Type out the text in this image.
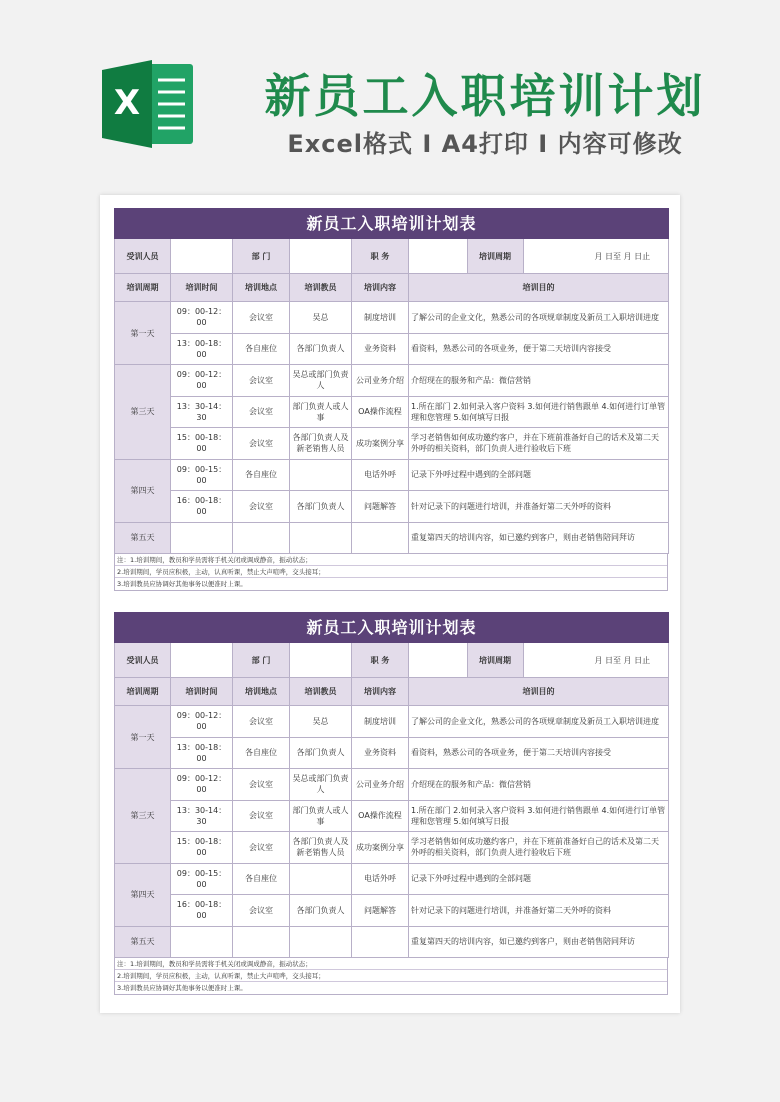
X	新员工入职培训计划
Excel格式 I A4打印 I 内容可修改
新员工入职培训计划表
受训人员		部 门		职 务	
		培训周期	月 日至 月 日止

培训周期	培训时间	培训地点	培训教员	培训内容	培训目的
第一天	09：00-12：00	会议室	吴总	制度培训	了解公司的企业文化，熟悉公司的各项规章制度及新员工入职培训进度
13：00-18：00	各自座位	各部门负责人	业务资料	看资料，熟悉公司的各项业务，便于第二天培训内容接受
第三天	09：00-12：00	会议室	吴总或部门负责人	公司业务介绍	介绍现在的服务和产品：微信营销
13：30-14：30	会议室	部门负责人或人事	OA操作流程	1.所在部门 2.如何录入客户资料 3.如何进行销售跟单 4.如何进行订单管理和您管理 5.如何填写日报
15：00-18：00	会议室	各部门负责人及新老销售人员	成功案例分享	学习老销售如何成功邀约客户，并在下班前准备好自己的话术及第二天外呼的相关资料，部门负责人进行验收后下班
第四天	09：00-15：00	各自座位		电话外呼	记录下外呼过程中遇到的全部问题
16：00-18：00	会议室	各部门负责人	问题解答	针对记录下的问题进行培训，并准备好第二天外呼的资料
第五天					重复第四天的培训内容，如已邀约到客户，则由老销售陪同拜访
注：1.培训期间，教员和学员需将手机关闭或调成静音，振动状态；
2.培训期间，学员应积极，主动，认真听课，禁止大声喧哗，交头接耳；
3.培训教员应协调好其他事务以便准时上课。
新员工入职培训计划表
受训人员		部 门		职 务	
		培训周期	月 日至 月 日止

培训周期	培训时间	培训地点	培训教员	培训内容	培训目的
第一天	09：00-12：00	会议室	吴总	制度培训	了解公司的企业文化，熟悉公司的各项规章制度及新员工入职培训进度
13：00-18：00	各自座位	各部门负责人	业务资料	看资料，熟悉公司的各项业务，便于第二天培训内容接受
第三天	09：00-12：00	会议室	吴总或部门负责人	公司业务介绍	介绍现在的服务和产品：微信营销
13：30-14：30	会议室	部门负责人或人事	OA操作流程	1.所在部门 2.如何录入客户资料 3.如何进行销售跟单 4.如何进行订单管理和您管理 5.如何填写日报
15：00-18：00	会议室	各部门负责人及新老销售人员	成功案例分享	学习老销售如何成功邀约客户，并在下班前准备好自己的话术及第二天外呼的相关资料，部门负责人进行验收后下班
第四天	09：00-15：00	各自座位		电话外呼	记录下外呼过程中遇到的全部问题
16：00-18：00	会议室	各部门负责人	问题解答	针对记录下的问题进行培训，并准备好第二天外呼的资料
第五天					重复第四天的培训内容，如已邀约到客户，则由老销售陪同拜访
注：1.培训期间，教员和学员需将手机关闭或调成静音，振动状态；
2.培训期间，学员应积极，主动，认真听课，禁止大声喧哗，交头接耳；
3.培训教员应协调好其他事务以便准时上课。
